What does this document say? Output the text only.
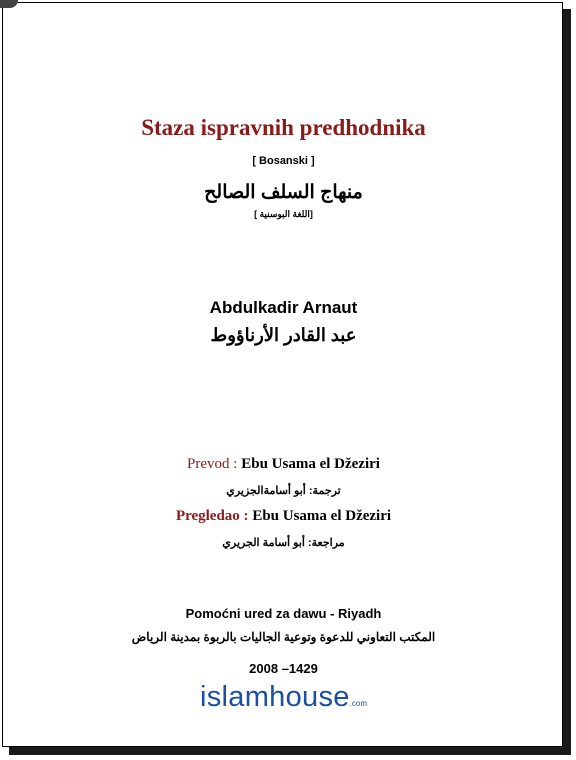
Staza ispravnih predhodnika
[ Bosanski ]
منهاج السلف الصالح
[اللغة البوسنية ]
Abdulkadir Arnaut
عبد القادر الأرناؤوط
Prevod : Ebu Usama el Džeziri
ترجمة: أبو أسامةالجزيري
Pregledao : Ebu Usama el Džeziri
مراجعة: أبو أسامة الجريري
Pomoćni ured za dawu - Riyadh
المكتب التعاوني للدعوة وتوعية الجاليات بالربوة بمدينة الرياض
2008 –1429
islamhouse.com
